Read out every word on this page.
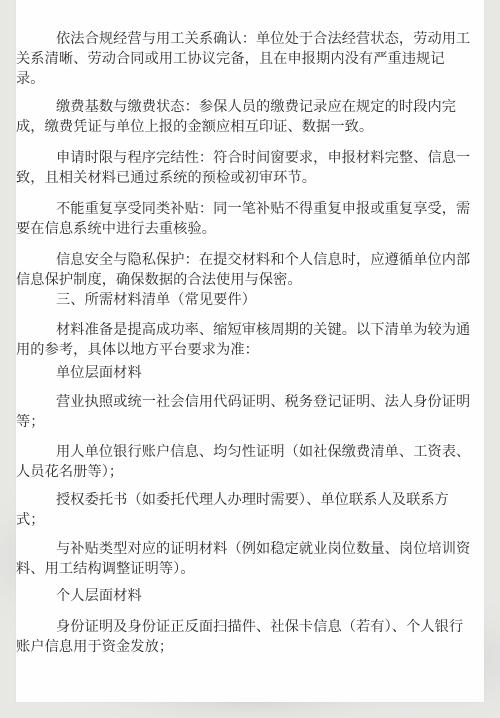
依法合规经营与用工关系确认：单位处于合法经营状态，劳动用工
关系清晰、劳动合同或用工协议完备，且在申报期内没有严重违规记
录。

缴费基数与缴费状态：参保人员的缴费记录应在规定的时段内完
成，缴费凭证与单位上报的金额应相互印证、数据一致。

申请时限与程序完结性：符合时间窗要求，申报材料完整、信息一
致，且相关材料已通过系统的预检或初审环节。

不能重复享受同类补贴：同一笔补贴不得重复申报或重复享受，需
要在信息系统中进行去重核验。

信息安全与隐私保护：在提交材料和个人信息时，应遵循单位内部
信息保护制度，确保数据的合法使用与保密。

三、所需材料清单（常见要件）

材料准备是提高成功率、缩短审核周期的关键。以下清单为较为通
用的参考，具体以地方平台要求为准：

单位层面材料

营业执照或统一社会信用代码证明、税务登记证明、法人身份证明
等；

用人单位银行账户信息、均匀性证明（如社保缴费清单、工资表、
人员花名册等）；

授权委托书（如委托代理人办理时需要）、单位联系人及联系方
式；

与补贴类型对应的证明材料（例如稳定就业岗位数量、岗位培训资
料、用工结构调整证明等）。

个人层面材料

身份证明及身份证正反面扫描件、社保卡信息（若有）、个人银行
账户信息用于资金发放；
